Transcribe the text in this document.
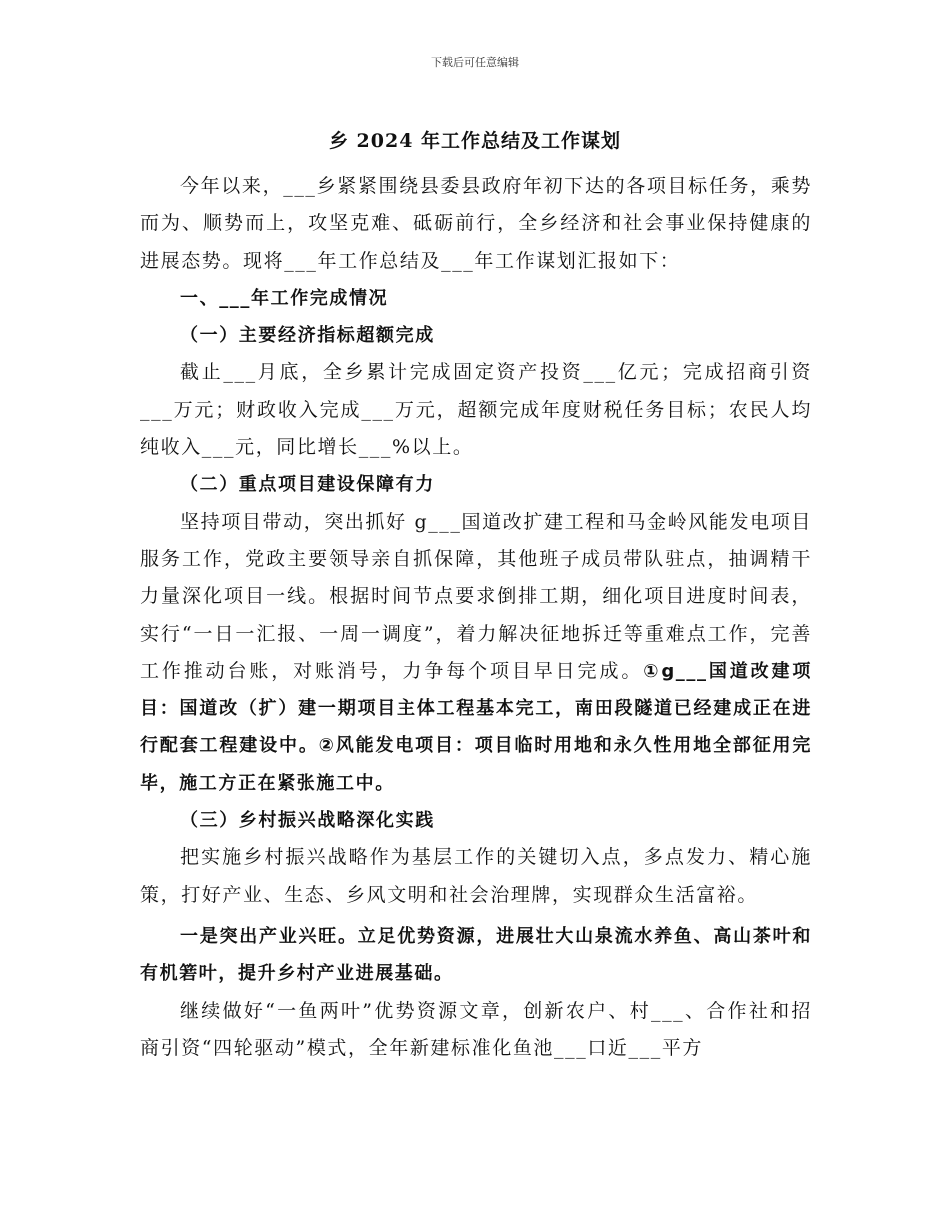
下载后可任意编辑
乡 2024 年工作总结及工作谋划

今年以来，___乡紧紧围绕县委县政府年初下达的各项目标任务，乘势而为、顺势而上，攻坚克难、砥砺前行，全乡经济和社会事业保持健康的进展态势。现将___年工作总结及___年工作谋划汇报如下：

一、___年工作完成情况

（一）主要经济指标超额完成

截止___月底，全乡累计完成固定资产投资___亿元；完成招商引资___万元；财政收入完成___万元，超额完成年度财税任务目标；农民人均纯收入___元，同比增长___%以上。

（二）重点项目建设保障有力

坚持项目带动，突出抓好 g___国道改扩建工程和马金岭风能发电项目服务工作，党政主要领导亲自抓保障，其他班子成员带队驻点，抽调精干力量深化项目一线。根据时间节点要求倒排工期，细化项目进度时间表，实行“一日一汇报、一周一调度”，着力解决征地拆迁等重难点工作，完善工作推动台账，对账消号，力争每个项目早日完成。①g___国道改建项目：国道改（扩）建一期项目主体工程基本完工，南田段隧道已经建成正在进行配套工程建设中。②风能发电项目：项目临时用地和永久性用地全部征用完毕，施工方正在紧张施工中。

（三）乡村振兴战略深化实践

把实施乡村振兴战略作为基层工作的关键切入点，多点发力、精心施策，打好产业、生态、乡风文明和社会治理牌，实现群众生活富裕。

一是突出产业兴旺。立足优势资源，进展壮大山泉流水养鱼、高山茶叶和有机箬叶，提升乡村产业进展基础。

继续做好“一鱼两叶”优势资源文章，创新农户、村___、合作社和招商引资“四轮驱动”模式，全年新建标准化鱼池___口近___平方
